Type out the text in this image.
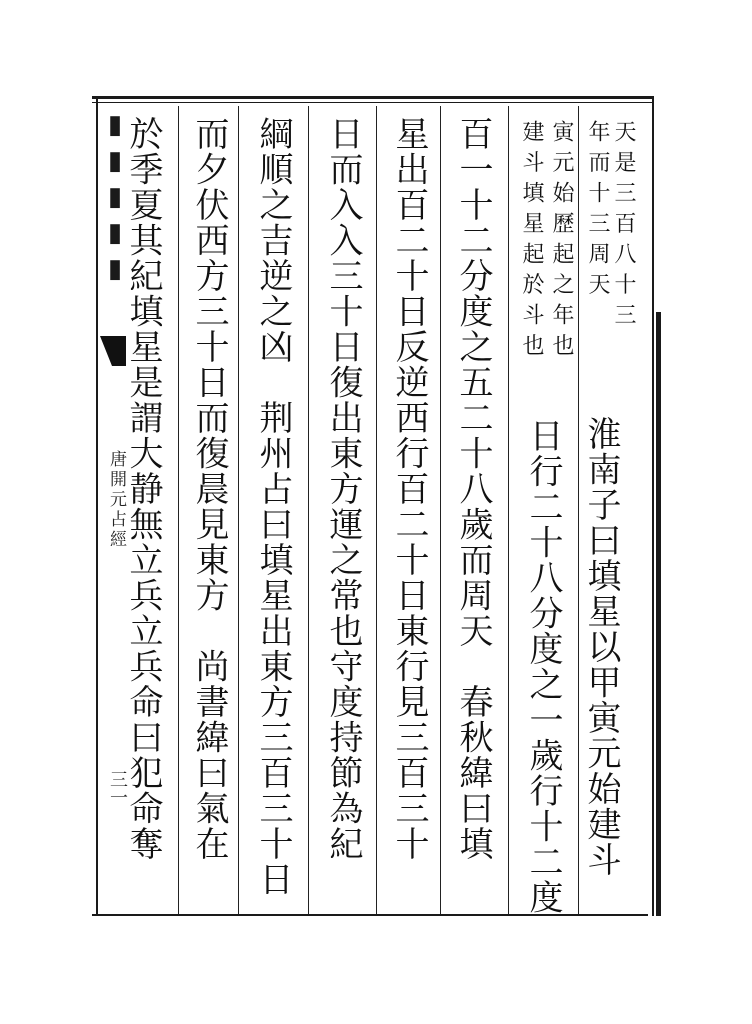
▮▮▮▮▮
唐開元占經
三一
天是三百八十三
年而十三周天
淮南子曰填星以甲寅元始建斗
寅元始歷起之年也
建斗填星起於斗也
日行二十八分度之一歲行十二度
百一十二分度之五二十八歲而周天　春秋緯曰填
星出百二十日反逆西行百二十日東行見三百三十
日而入入三十日復出東方運之常也守度持節為紀
綱順之吉逆之凶　荆州占曰填星出東方三百三十日
而夕伏西方三十日而復晨見東方　尚書緯曰氣在
於季夏其紀填星是謂大静無立兵立兵命曰犯命奪
